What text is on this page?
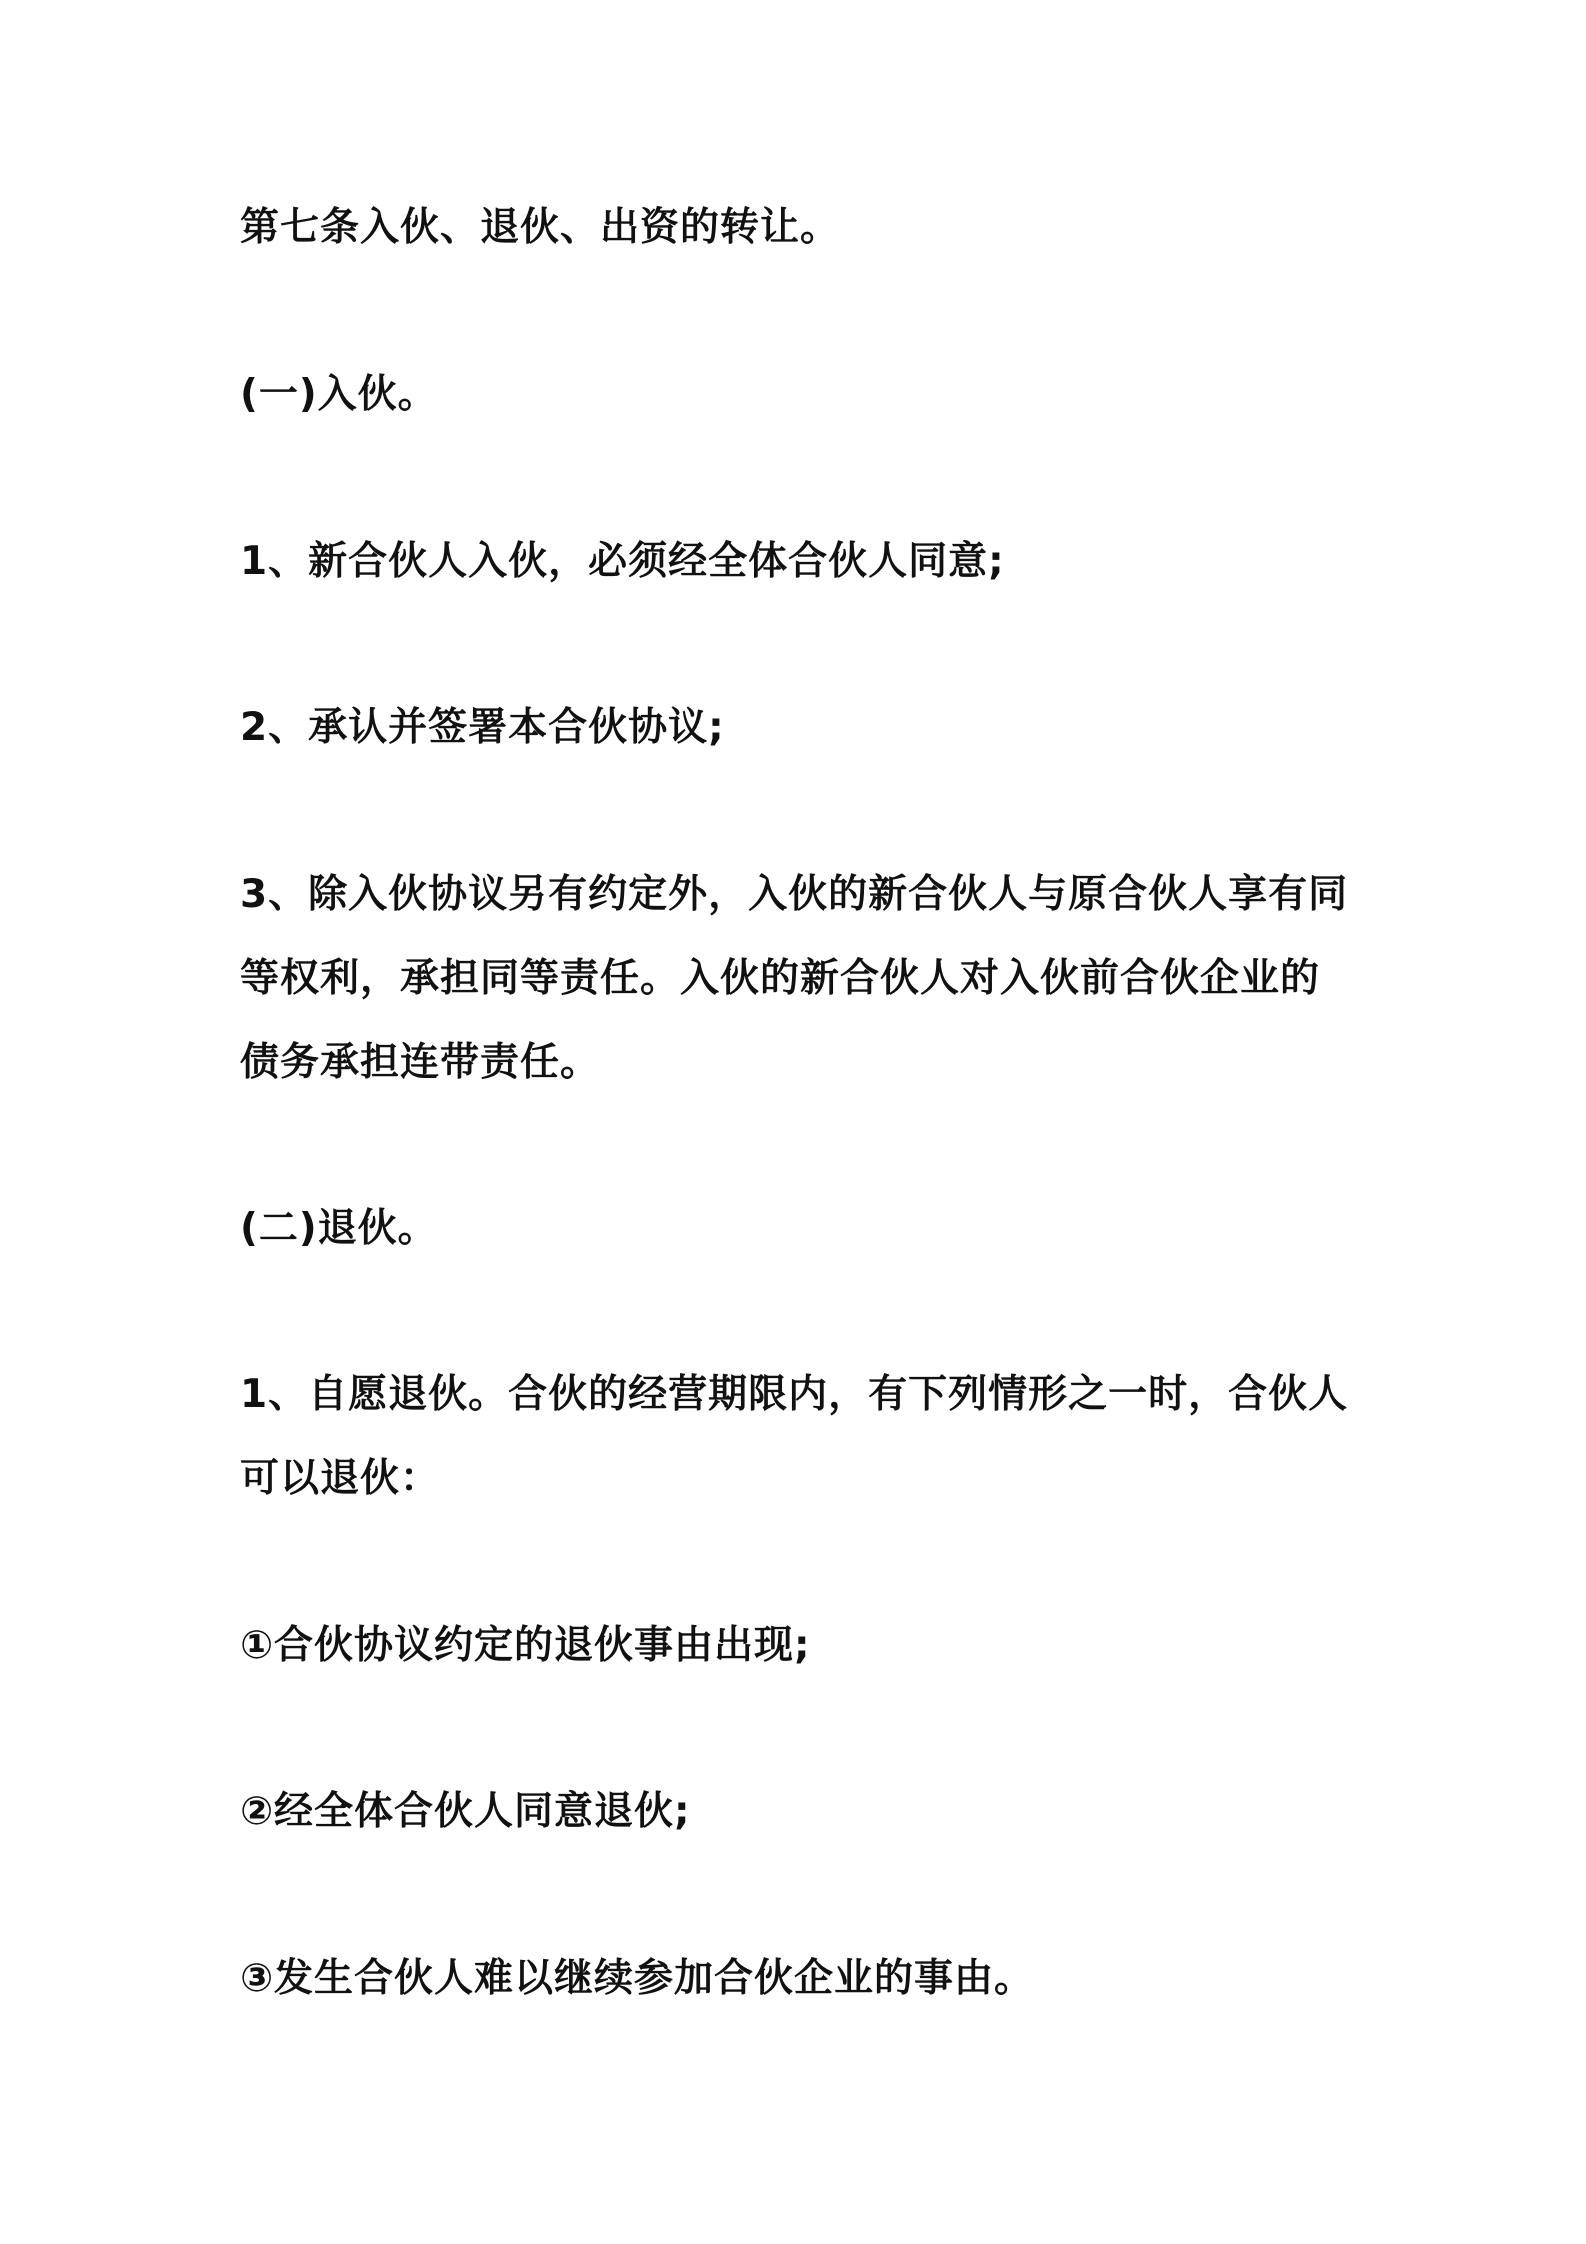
第七条入伙、退伙、出资的转让。

(一)入伙。

1、新合伙人入伙，必须经全体合伙人同意;

2、承认并签署本合伙协议;

3、除入伙协议另有约定外，入伙的新合伙人与原合伙人享有同等权利，承担同等责任。入伙的新合伙人对入伙前合伙企业的债务承担连带责任。

(二)退伙。

1、自愿退伙。合伙的经营期限内，有下列情形之一时，合伙人可以退伙：

①合伙协议约定的退伙事由出现;

②经全体合伙人同意退伙;

③发生合伙人难以继续参加合伙企业的事由。
